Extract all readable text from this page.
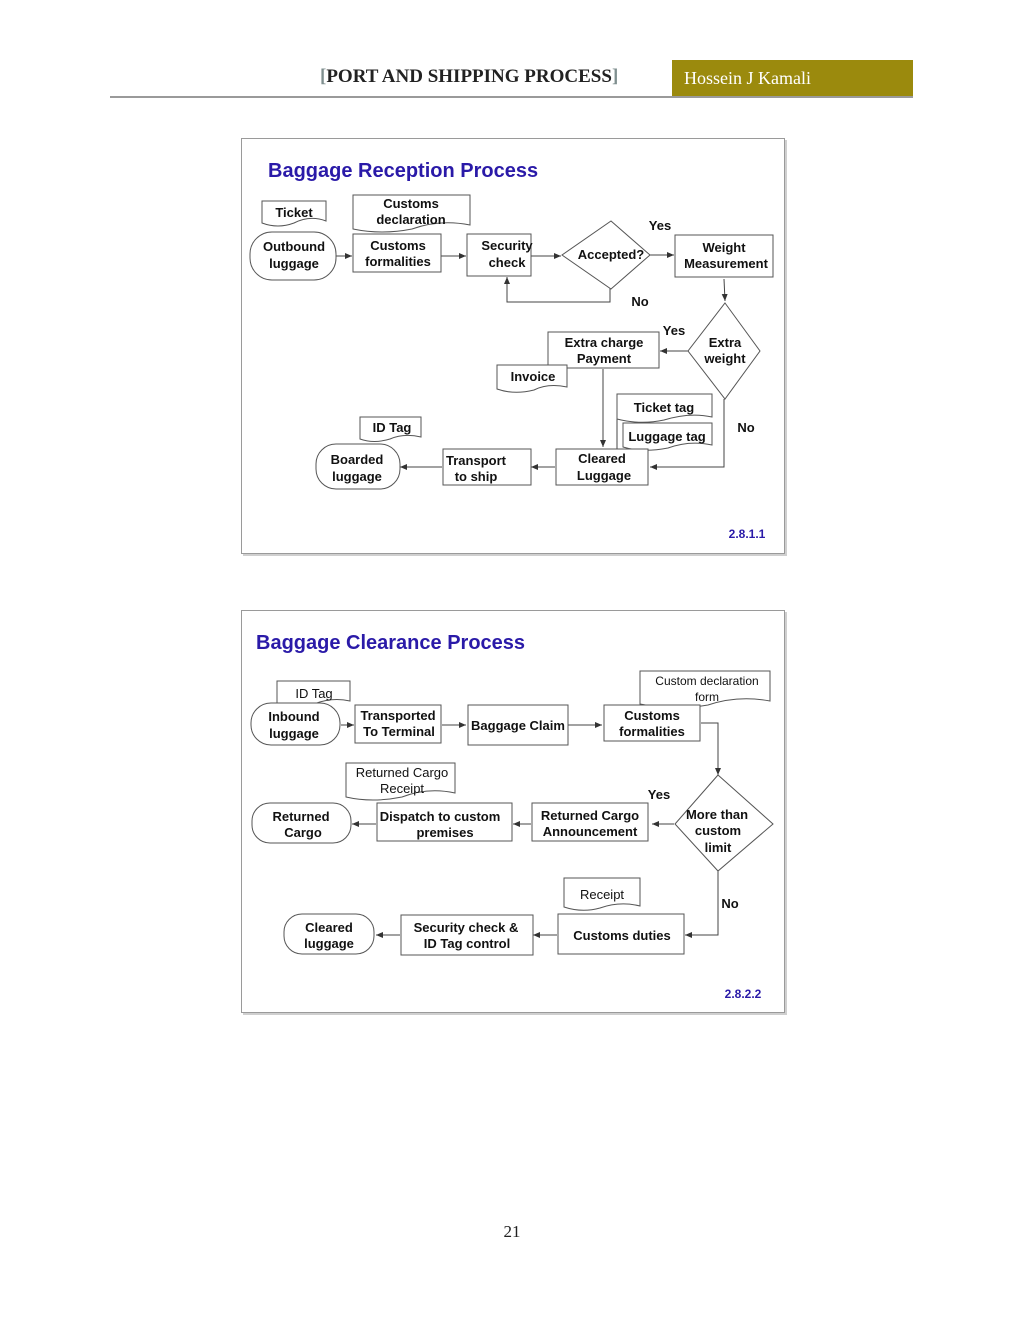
[PORT AND SHIPPING PROCESS]	Hossein J Kamali
Baggage Reception Process
Ticket
Customs
declaration
Outbound
luggage
Customs
formalities
Security
check
Accepted?
Yes
No
Weight
Measurement
Extra
weight
Yes
Extra charge
Payment
Invoice
Ticket tag
Luggage tag
No
ID Tag
Boarded
luggage
Transport
to ship
Cleared
Luggage
2.8.1.1
Baggage Clearance Process
ID Tag
Inbound
luggage
Transported
To Terminal	Baggage Claim
Custom declaration
form
Customs
formalities
Returned Cargo
Receipt
Returned
Cargo
Dispatch to custom
premises
Returned Cargo
Announcement
Yes
More than
custom
limit
Receipt
No
Cleared
luggage
Security check &
ID Tag control
Customs duties
2.8.2.2
21
